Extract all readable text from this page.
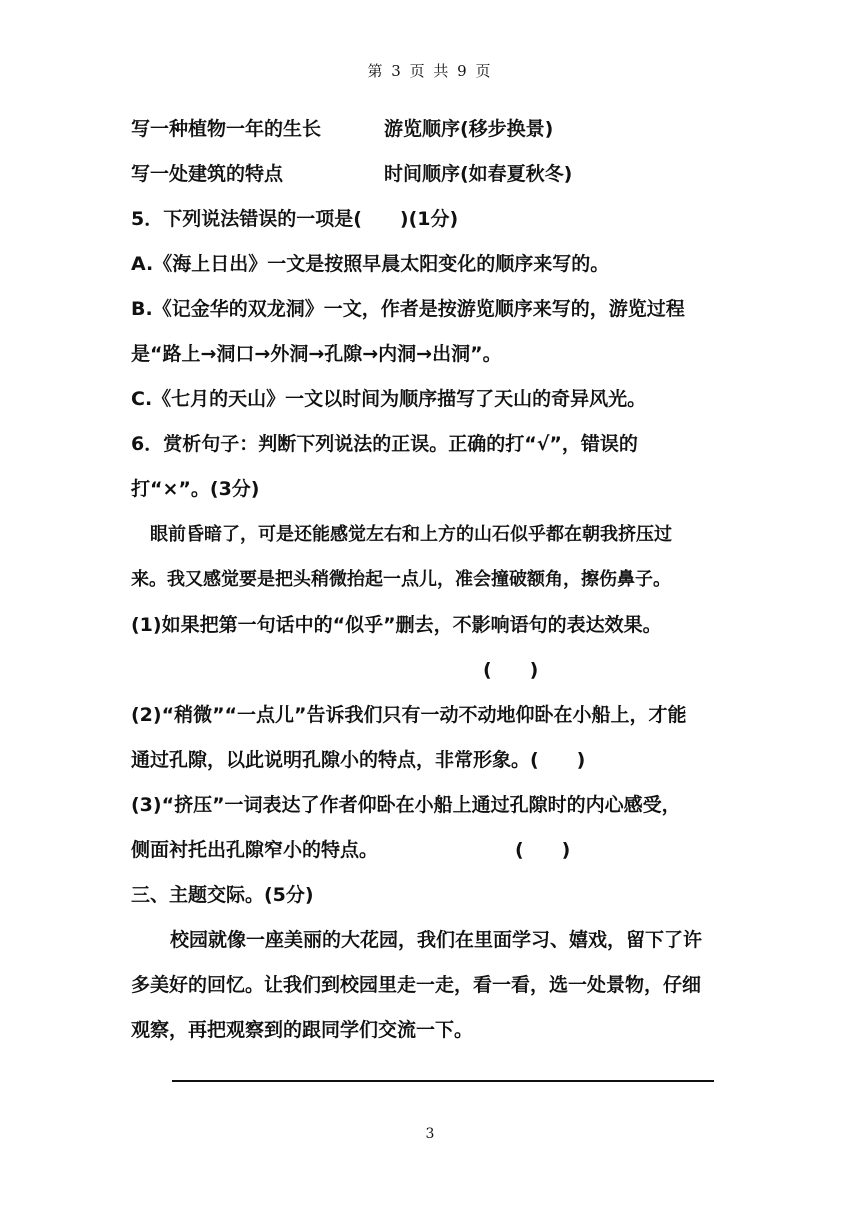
第 3 页 共 9 页
写一种植物一年的生长	游览顺序(移步换景)
写一处建筑的特点	时间顺序(如春夏秋冬)
5．下列说法错误的一项是(　　)(1分)
A.《海上日出》一文是按照早晨太阳变化的顺序来写的。
B.《记金华的双龙洞》一文，作者是按游览顺序来写的，游览过程
是“路上→洞口→外洞→孔隙→内洞→出洞”。
C.《七月的天山》一文以时间为顺序描写了天山的奇异风光。
6．赏析句子：判断下列说法的正误。正确的打“√”，错误的
打“×”。(3分)
眼前昏暗了，可是还能感觉左右和上方的山石似乎都在朝我挤压过
来。我又感觉要是把头稍微抬起一点儿，准会撞破额角，擦伤鼻子。
(1)如果把第一句话中的“似乎”删去，不影响语句的表达效果。
(　　)
(2)“稍微”“一点儿”告诉我们只有一动不动地仰卧在小船上，才能
通过孔隙，以此说明孔隙小的特点，非常形象。(　　)
(3)“挤压”一词表达了作者仰卧在小船上通过孔隙时的内心感受，
侧面衬托出孔隙窄小的特点。	(　　)
三、主题交际。(5分)
校园就像一座美丽的大花园，我们在里面学习、嬉戏，留下了许
多美好的回忆。让我们到校园里走一走，看一看，选一处景物，仔细
观察，再把观察到的跟同学们交流一下。
3
